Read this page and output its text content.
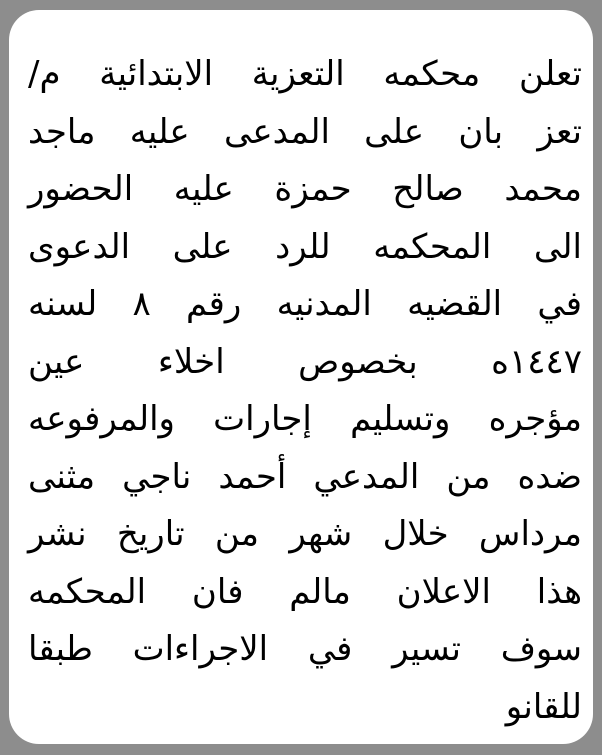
تعلن محكمه التعزية الابتدائية م/
تعز بان على المدعى عليه ماجد
محمد صالح حمزة عليه الحضور
الى المحكمه للرد على الدعوى
في القضيه المدنيه رقم ٨ لسنه
١٤٤٧ه بخصوص اخلاء عين
مؤجره وتسليم إجارات والمرفوعه
ضده من المدعي أحمد ناجي مثنى
مرداس خلال شهر من تاريخ نشر
هذا الاعلان مالم فان المحكمه
سوف تسير في الاجراءات طبقا
للقانو
